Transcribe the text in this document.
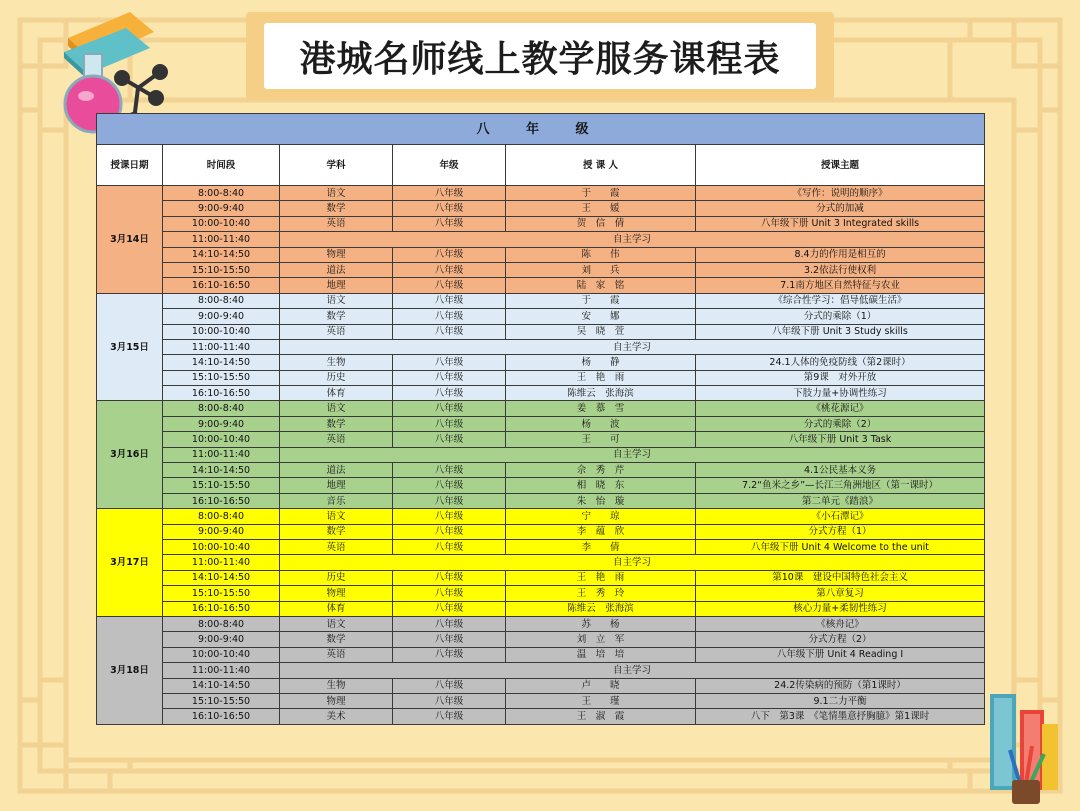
港城名师线上教学服务课程表
八 年 级					
授课日期	时间段	学科	年级	授 课 人	授课主题
3月14日	8:00-8:40	语文	八年级	于　　霞	《写作：说明的顺序》
	9:00-9:40	数学	八年级	王　　媛	分式的加减
	10:00-10:40	英语	八年级	贺　信　倩	八年级下册 Unit 3 Integrated skills
	11:00-11:40	自主学习			
	14:10-14:50	物理	八年级	陈　　伟	8.4力的作用是相互的
	15:10-15:50	道法	八年级	刘　　兵	3.2依法行使权利
	16:10-16:50	地理	八年级	陆　家　铭	7.1南方地区自然特征与农业
3月15日	8:00-8:40	语文	八年级	于　　霞	《综合性学习：倡导低碳生活》
	9:00-9:40	数学	八年级	安　　娜	分式的乘除（1）
	10:00-10:40	英语	八年级	吴　晓　萱	八年级下册 Unit 3 Study skills
	11:00-11:40	自主学习			
	14:10-14:50	生物	八年级	杨　　静	24.1人体的免疫防线（第2课时）
	15:10-15:50	历史	八年级	王　艳　雨	第9课　对外开放
	16:10-16:50	体育	八年级	陈维云　张海滨	下肢力量+协调性练习
3月16日	8:00-8:40	语文	八年级	姜　慕　雪	《桃花源记》
	9:00-9:40	数学	八年级	杨　　波	分式的乘除（2）
	10:00-10:40	英语	八年级	王　　可	八年级下册 Unit 3 Task
	11:00-11:40	自主学习			
	14:10-14:50	道法	八年级	佘　秀　芹	4.1公民基本义务
	15:10-15:50	地理	八年级	相　晓　东	7.2“鱼米之乡”—长江三角洲地区（第一课时）
	16:10-16:50	音乐	八年级	朱　怡　璇	第二单元《踏浪》
3月17日	8:00-8:40	语文	八年级	宁　　琼	《小石潭记》
	9:00-9:40	数学	八年级	李　蕴　欣	分式方程（1）
	10:00-10:40	英语	八年级	李　　倩	八年级下册 Unit 4 Welcome to the unit
	11:00-11:40	自主学习			
	14:10-14:50	历史	八年级	王　艳　雨	第10课　建设中国特色社会主义
	15:10-15:50	物理	八年级	王　秀　玲	第八章复习
	16:10-16:50	体育	八年级	陈维云　张海滨	核心力量+柔韧性练习
3月18日	8:00-8:40	语文	八年级	苏　　杨	《核舟记》
	9:00-9:40	数学	八年级	刘　立　军	分式方程（2）
	10:00-10:40	英语	八年级	温　培　培	八年级下册 Unit 4 Reading I
	11:00-11:40	自主学习			
	14:10-14:50	生物	八年级	卢　　晓	24.2传染病的预防（第1课时）
	15:10-15:50	物理	八年级	王　　瑾	9.1二力平衡
	16:10-16:50	美术	八年级	王　淑　霞	八下　第3课　《笔情墨意抒胸臆》第1课时
